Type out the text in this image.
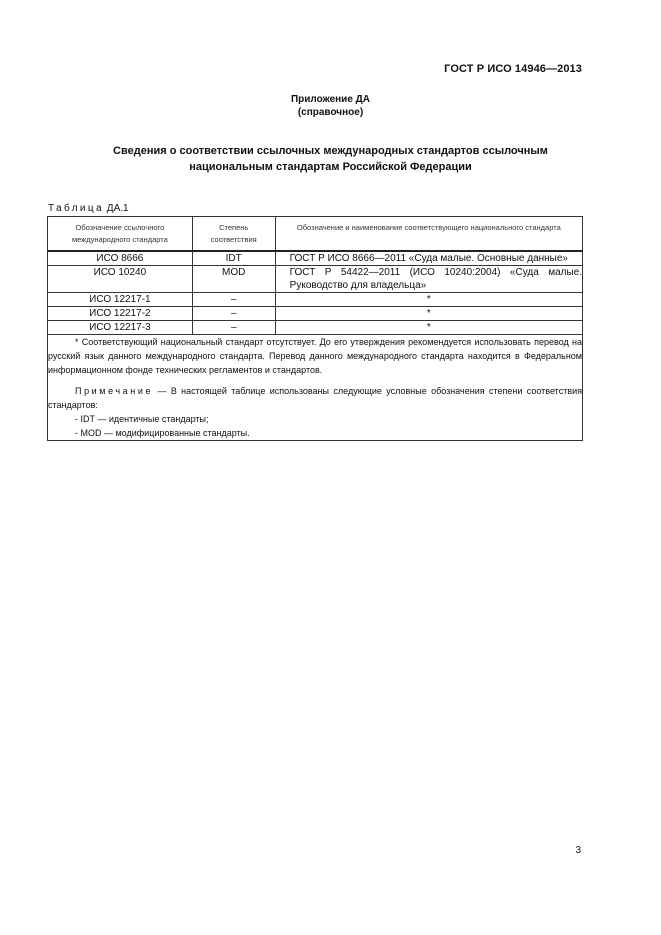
ГОСТ Р ИСО 14946—2013
Приложение ДА
(справочное)
Сведения о соответствии ссылочных международных стандартов ссылочным
национальным стандартам Российской Федерации
Таблица ДА.1
Обозначение ссылочного международного стандарта	Степень соответствия	Обозначение и наименование соответствующего национального стандарта
ИСО 8666	IDT	ГОСТ Р ИСО 8666—2011 «Суда малые. Основные данные»

ИСО 10240	MOD	ГОСТ Р 54422—2011 (ИСО 10240:2004) «Суда малые. Руководство для владельца»

ИСО 12217-1	–	*
ИСО 12217-2	–	*
ИСО 12217-3	–	*

* Соответствующий национальный стандарт отсутствует. До его утверждения рекомендуется использовать перевод на русский язык данного международного стандарта. Перевод данного международного стандарта находится в Федеральном информационном фонде технических регламентов и стандартов.

Примечание — В настоящей таблице использованы следующие условные обозначения степени соответствия стандартов:

- IDT — идентичные стандарты;

- MOD — модифицированные стандарты.		

3
